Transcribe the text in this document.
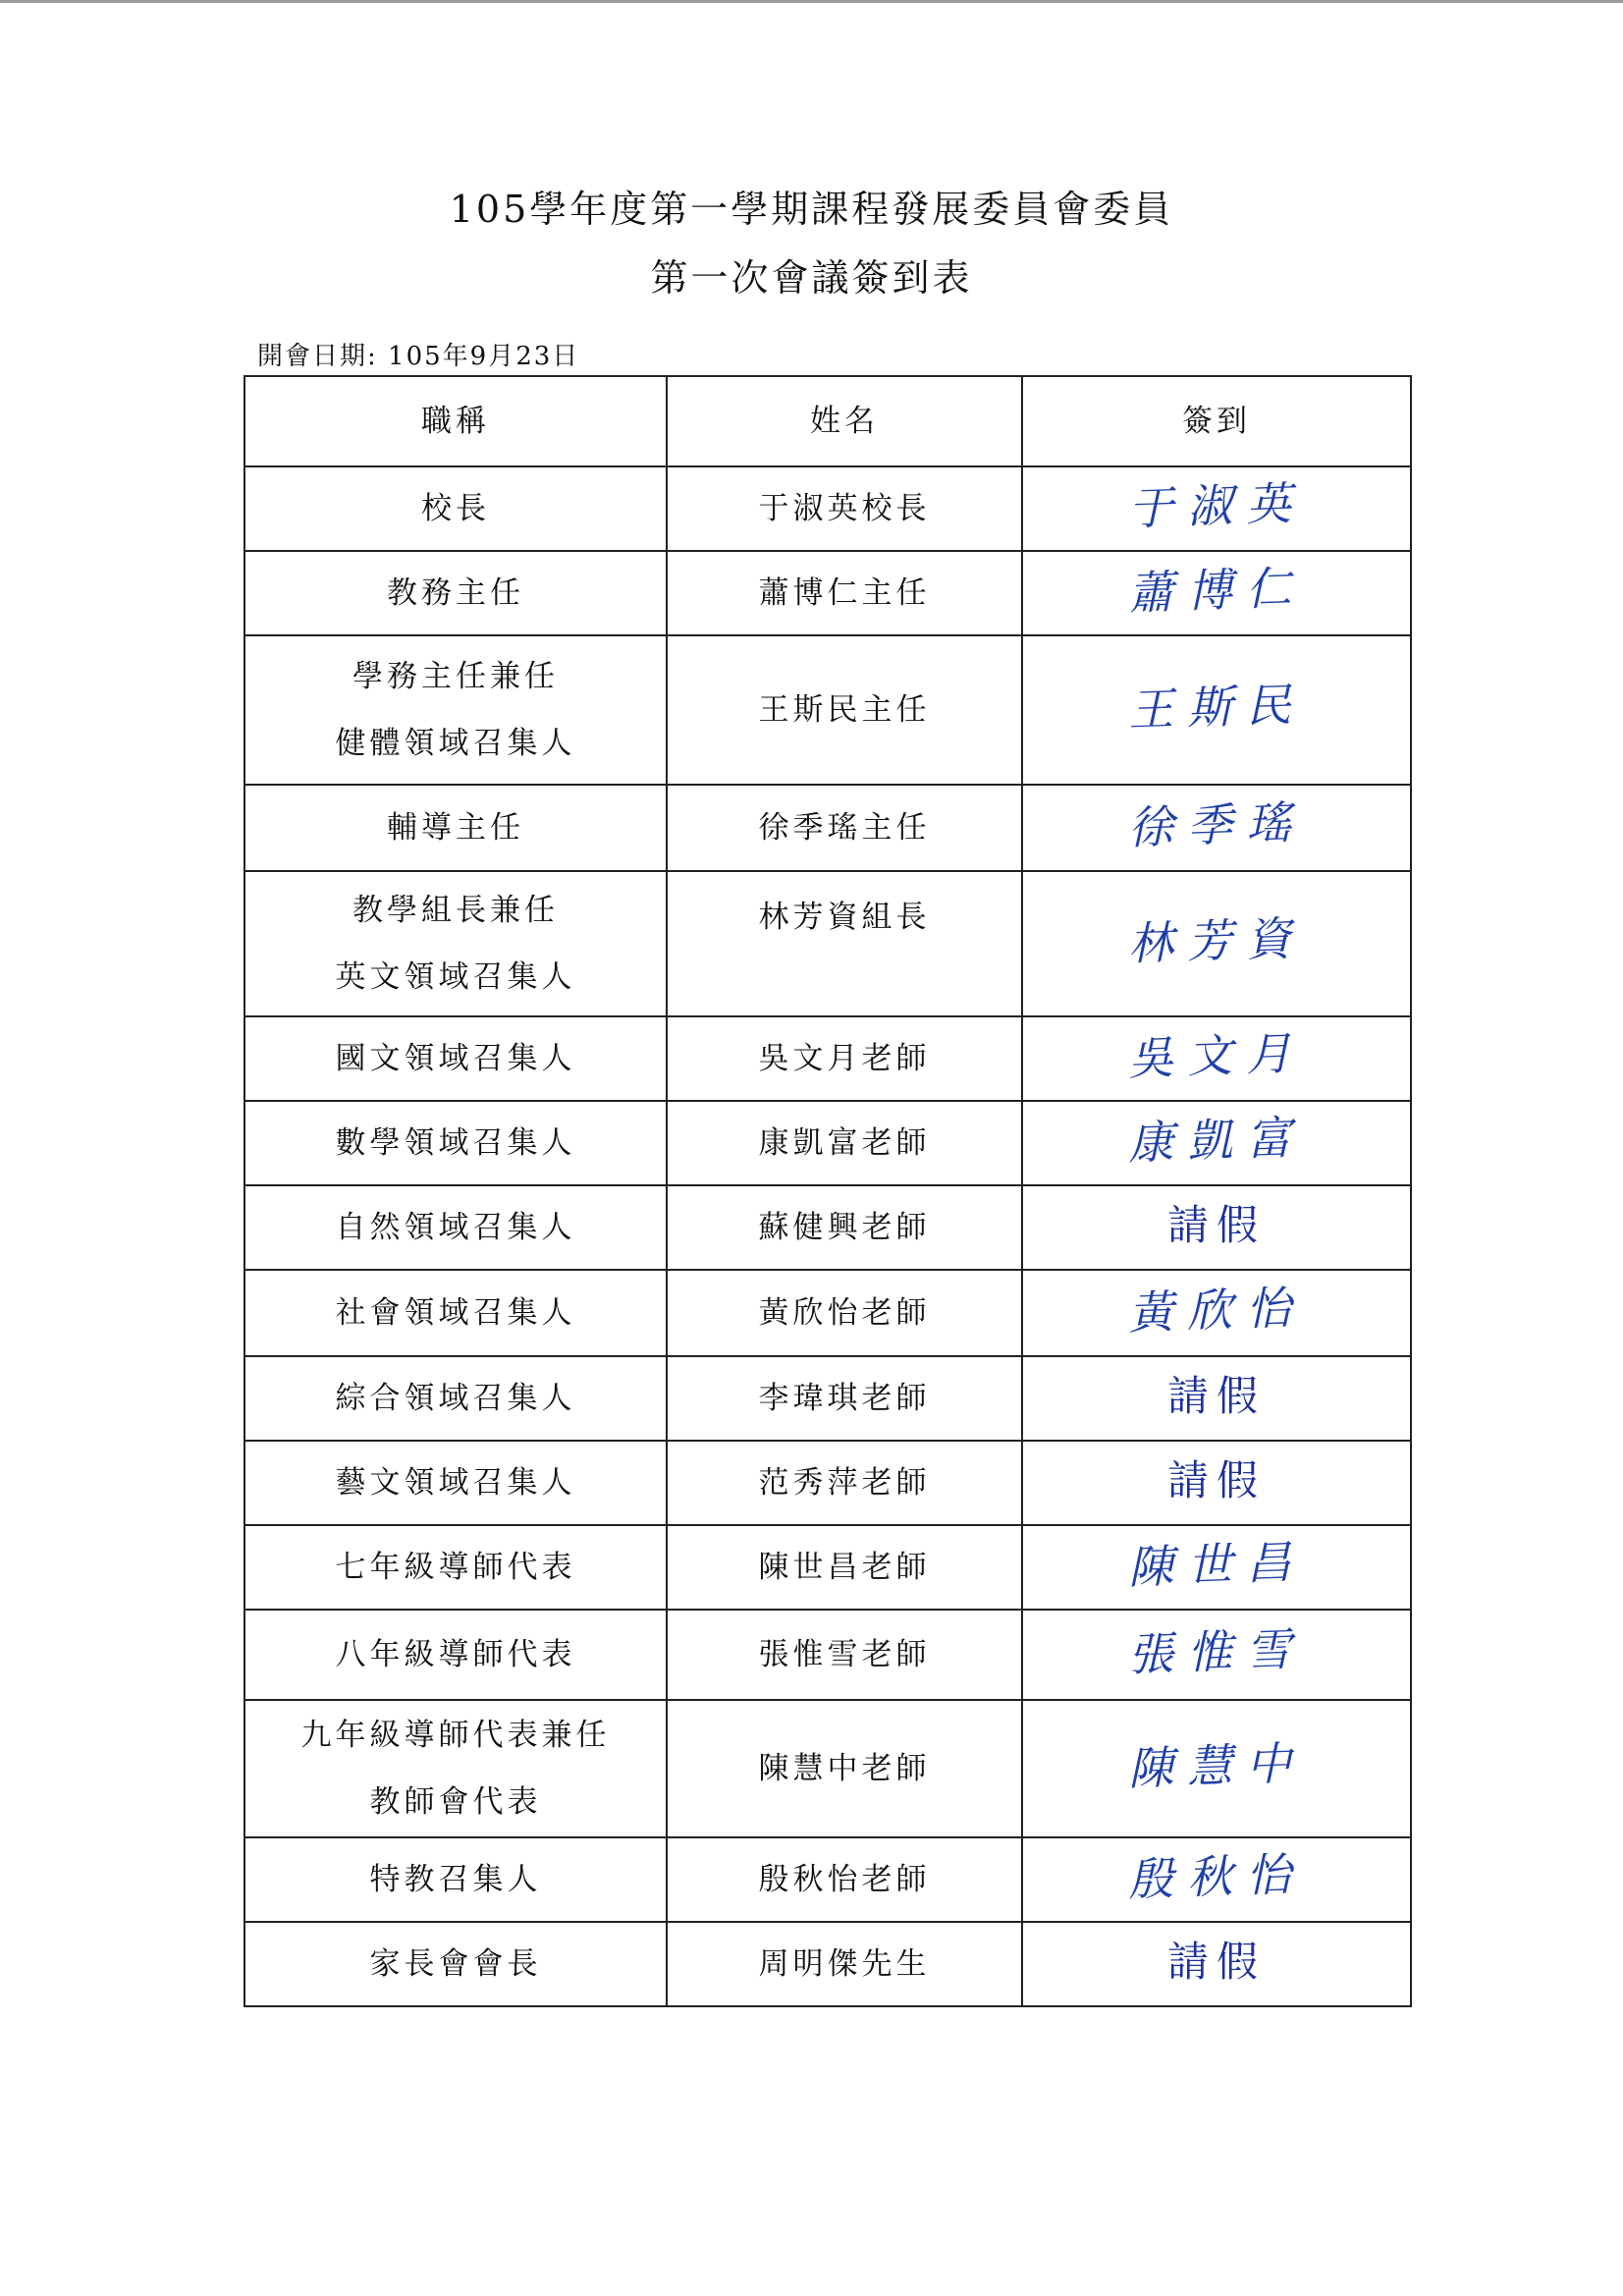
105學年度第一學期課程發展委員會委員
第一次會議簽到表
開會日期: 105年9月23日
職稱	姓名	簽到

校長	于淑英校長	于淑英

教務主任	蕭博仁主任	蕭博仁

學務主任兼任
健體領域召集人	王斯民主任	王斯民

輔導主任	徐季瑤主任	徐季瑤

教學組長兼任
英文領域召集人	林芳資組長	林芳資

國文領域召集人	吳文月老師	吳文月

數學領域召集人	康凱富老師	康凱富

自然領域召集人	蘇健興老師	請假

社會領域召集人	黃欣怡老師	黃欣怡

綜合領域召集人	李瑋琪老師	請假

藝文領域召集人	范秀萍老師	請假

七年級導師代表	陳世昌老師	陳世昌

八年級導師代表	張惟雪老師	張惟雪

九年級導師代表兼任
教師會代表	陳慧中老師	陳慧中

特教召集人	殷秋怡老師	殷秋怡

家長會會長	周明傑先生	請假
